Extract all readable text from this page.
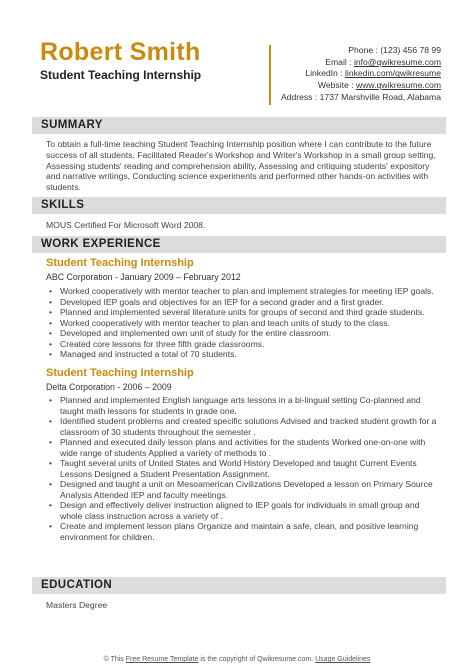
Robert Smith
Student Teaching Internship
Phone : (123) 456 78 99
Email : info@qwikresume.com
LinkedIn : linkedin.com/qwikresume
Website : www.qwikresume.com
Address : 1737 Marshville Road, Alabama
SUMMARY
To obtain a full-time teaching Student Teaching Internship position where I can contribute to the future success of all students, Facilitated Reader's Workshop and Writer's Workshop in a small group setting, Assessing students' reading and comprehension ability, Assessing and critiquing students' expository and narrative writings, Conducting science experiments and performed other hands-on activities with students.
SKILLS
MOUS Certified For Microsoft Word 2008.
WORK EXPERIENCE
Student Teaching Internship
ABC Corporation - January 2009 – February 2012
• Worked cooperatively with mentor teacher to plan and implement strategies for meeting IEP goals.
• Developed IEP goals and objectives for an IEP for a second grader and a first grader.
• Planned and implemented several literature units for groups of second and third grade students.
• Worked cooperatively with mentor teacher to plan and teach units of study to the class.
• Developed and implemented own unit of study for the entire classroom.
• Created core lessons for three fifth grade classrooms.
• Managed and instructed a total of 70 students.
Student Teaching Internship
Delta Corporation - 2006 – 2009
• Planned and implemented English language arts lessons in a bi-lingual setting Co-planned and taught math lessons for students in grade one.
• Identified student problems and created specific solutions Advised and tracked student growth for a classroom of 30 students throughout the semester .
• Planned and executed daily lesson plans and activities for the students Worked one-on-one with wide range of students Applied a variety of methods to .
• Taught several units of United States and World History Developed and taught Current Events Lessons Designed a Student Presentation Assignment.
• Designed and taught a unit on Mesoamerican Civilizations Developed a lesson on Primary Source Analysis Attended IEP and faculty meetings.
• Design and effectively deliver instruction aligned to IEP goals for individuals in small group and whole class instruction across a variety of .
• Create and implement lesson plans Organize and maintain a safe, clean, and positive learning environment for children.
EDUCATION
Masters Degree
© This Free Resume Template is the copyright of Qwikresume.com. Usage Guidelines
